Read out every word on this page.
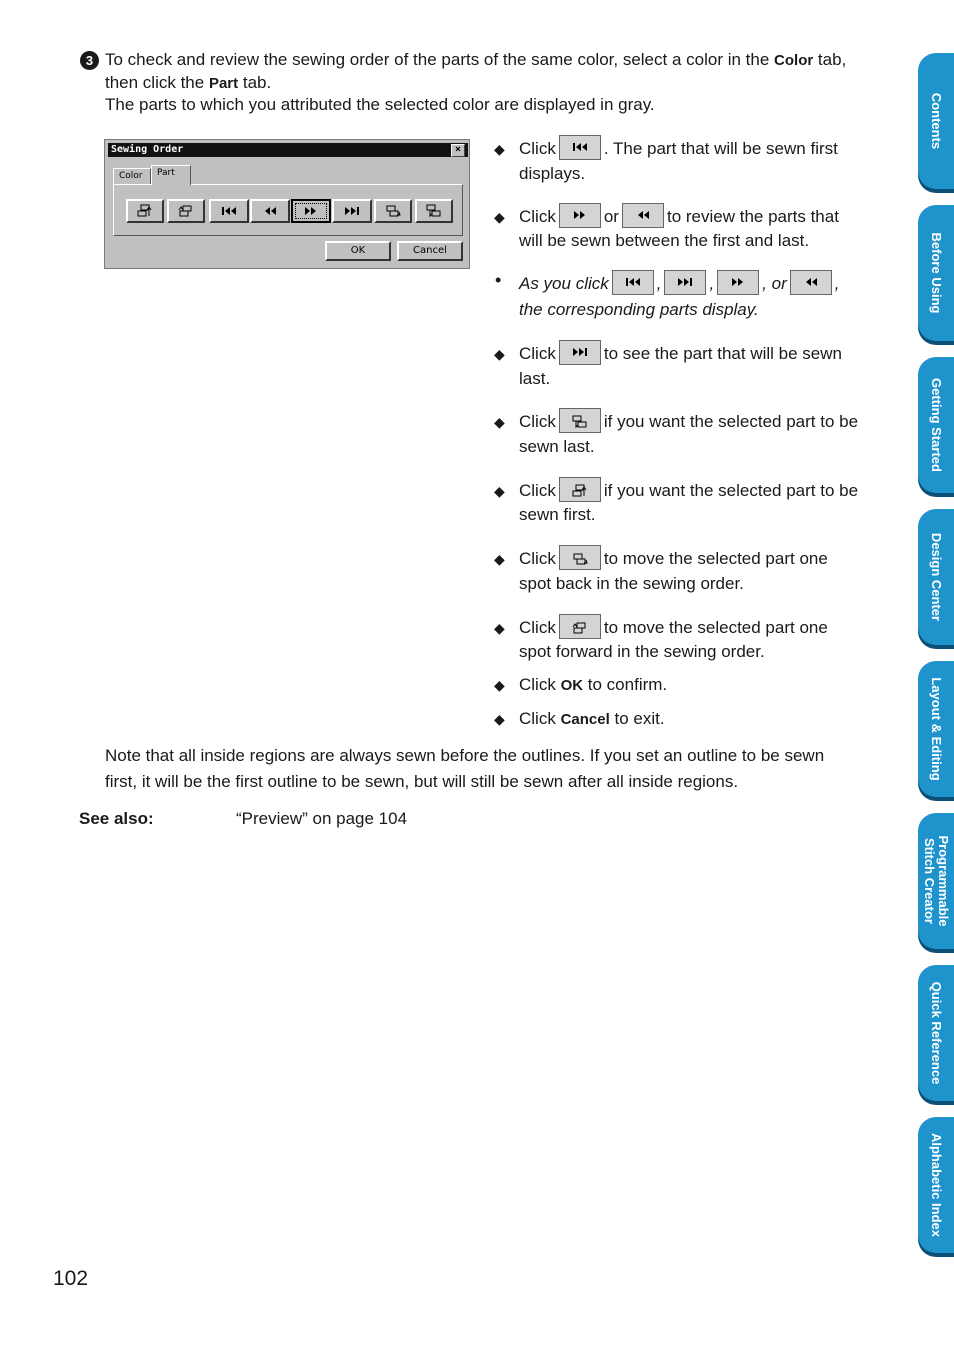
3 To check and review the sewing order of the parts of the same color, select a color in the Color tab,
then click the Part tab.
The parts to which you attributed the selected color are displayed in gray.
Sewing Order	×
Color	Part
OK	Cancel
◆ Click	. The part that will be sewn first
displays.
◆ Click	or	to review the parts that
will be sewn between the first and last.
• As you click	,	,	, or	,
the corresponding parts display.
◆ Click	to see the part that will be sewn
last.
◆ Click	if you want the selected part to be
sewn last.
◆ Click	if you want the selected part to be
sewn first.
◆ Click	to move the selected part one
spot back in the sewing order.
◆ Click	to move the selected part one
spot forward in the sewing order.
◆ Click OK to confirm.
◆ Click Cancel to exit.
Note that all inside regions are always sewn before the outlines. If you set an outline to be sewn
first, it will be the first outline to be sewn, but will still be sewn after all inside regions.
See also:	“Preview” on page 104
102
Contents
Before Using
Getting Started
Design Center
Layout & Editing
Programmable
Stitch Creator
Quick Reference
Alphabetic Index
